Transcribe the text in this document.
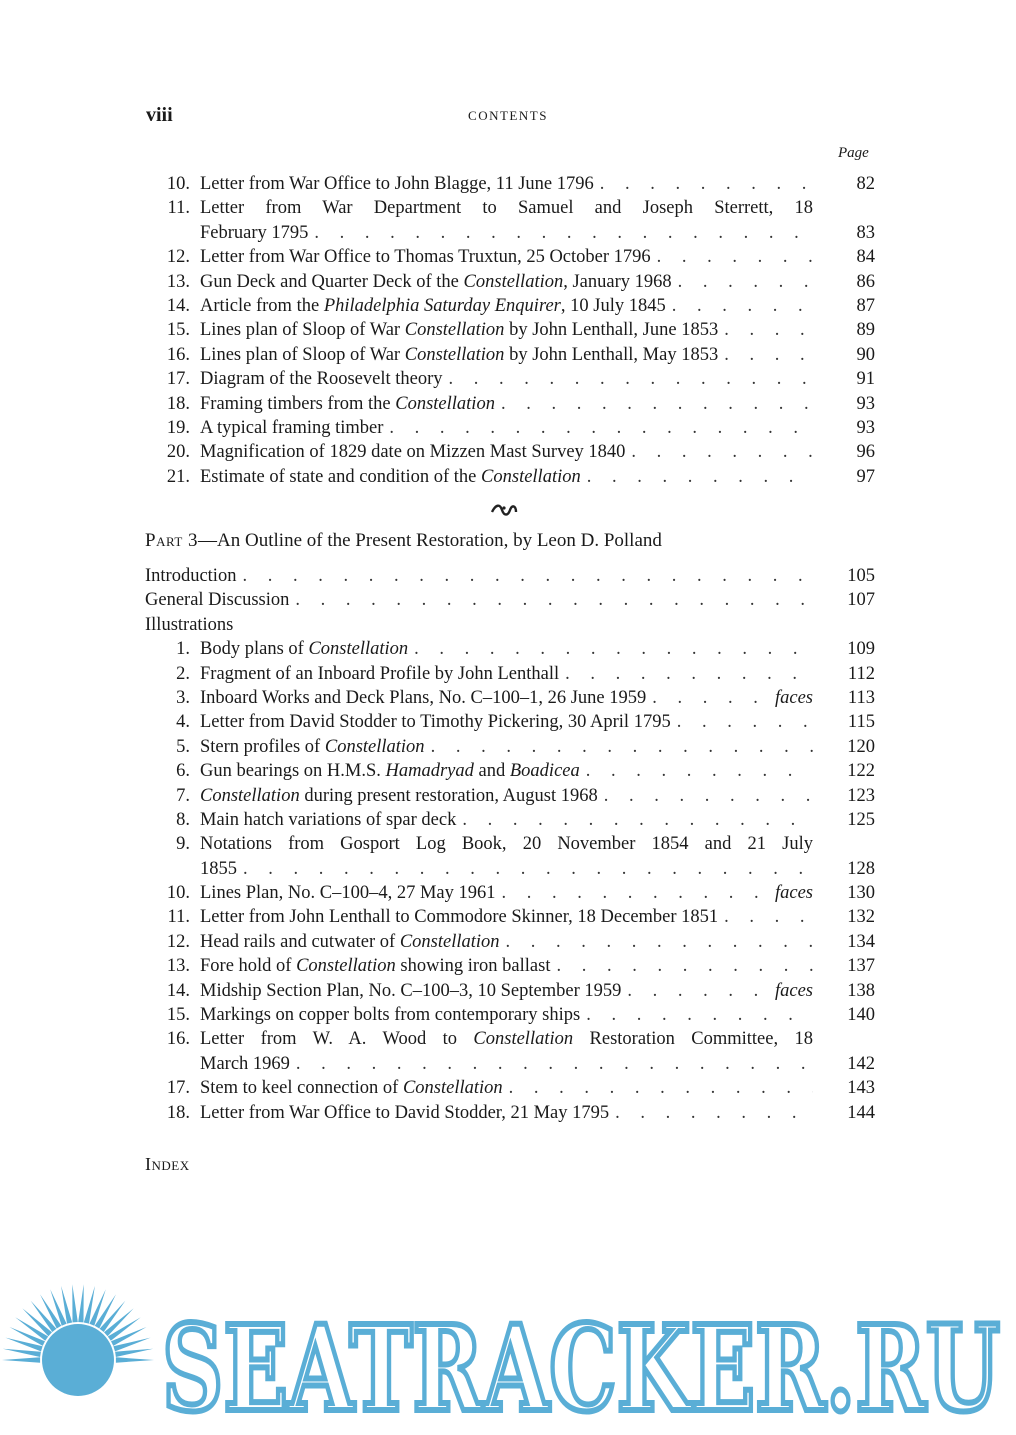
viii	CONTENTS
Page
10. Letter from War Office to John Blagge, 11 June 1796 . . .	82
11. Letter from War Department to Samuel and Joseph Sterrett, 18
February 1795 . . .	83
12. Letter from War Office to Thomas Truxtun, 25 October 1796 . . .	84
13. Gun Deck and Quarter Deck of the Constellation, January 1968 . . .	86
14. Article from the Philadelphia Saturday Enquirer, 10 July 1845 . . .	87
15. Lines plan of Sloop of War Constellation by John Lenthall, June 1853 . . .	89
16. Lines plan of Sloop of War Constellation by John Lenthall, May 1853 . . .	90
17. Diagram of the Roosevelt theory . . .	91
18. Framing timbers from the Constellation . . .	93
19. A typical framing timber . . .	93
20. Magnification of 1829 date on Mizzen Mast Survey 1840 . . .	96
21. Estimate of state and condition of the Constellation . . .	97
Part 3—An Outline of the Present Restoration, by Leon D. Polland
Introduction . . .	105
General Discussion . . .	107
Illustrations
1. Body plans of Constellation . . .	109
2. Fragment of an Inboard Profile by John Lenthall . . .	112
3. Inboard Works and Deck Plans, No. C–100–1, 26 June 1959 . . .	faces	113
4. Letter from David Stodder to Timothy Pickering, 30 April 1795 . . .	115
5. Stern profiles of Constellation . . .	120
6. Gun bearings on H.M.S. Hamadryad and Boadicea . . .	122
7. Constellation during present restoration, August 1968 . . .	123
8. Main hatch variations of spar deck . . .	125
9. Notations from Gosport Log Book, 20 November 1854 and 21 July
1855 . . .	128
10. Lines Plan, No. C–100–4, 27 May 1961 . . .	faces	130
11. Letter from John Lenthall to Commodore Skinner, 18 December 1851 . . .	132
12. Head rails and cutwater of Constellation . . .	134
13. Fore hold of Constellation showing iron ballast . . .	137
14. Midship Section Plan, No. C–100–3, 10 September 1959 . . .	faces	138
15. Markings on copper bolts from contemporary ships . . .	140
16. Letter from W. A. Wood to Constellation Restoration Committee, 18
March 1969 . . .	142
17. Stem to keel connection of Constellation . . .	143
18. Letter from War Office to David Stodder, 21 May 1795 . . .	144
Index
SEATRACKER.RU
SEATRACKER.RU
